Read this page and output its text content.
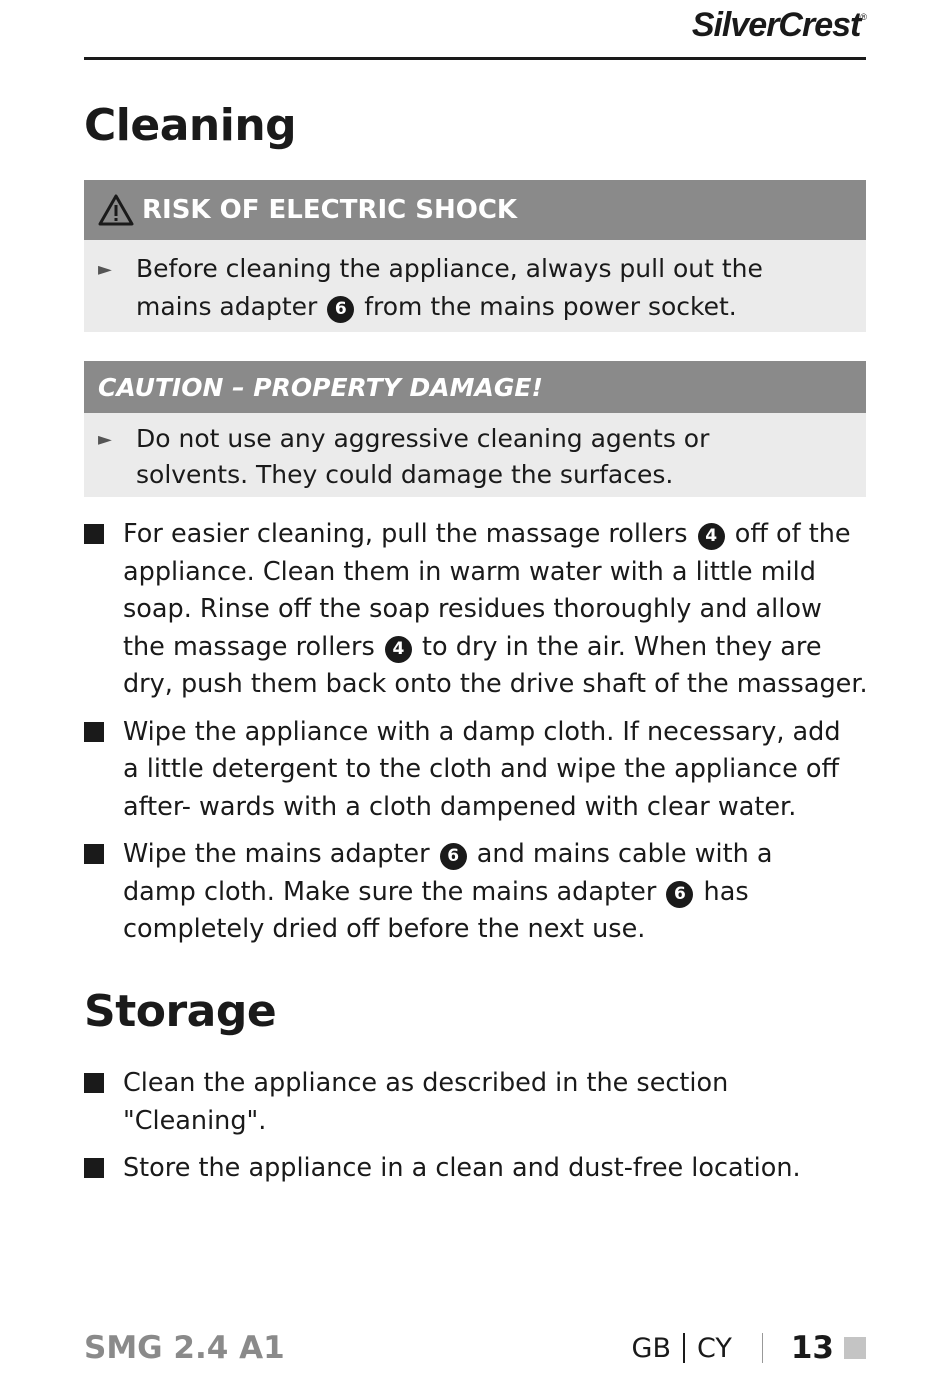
SilverCrest®
Cleaning
RISK OF ELECTRIC SHOCK
► Before cleaning the appliance, always pull out the mains adapter 6 from the mains power socket.
CAUTION – PROPERTY DAMAGE!
► Do not use any aggressive cleaning agents or solvents. They could damage the surfaces.
For easier cleaning, pull the massage rollers 4 off of the appliance. Clean them in warm water with a little mild soap. Rinse off the soap residues thoroughly and allow the massage rollers 4 to dry in the air. When they are dry, push them back onto the drive shaft of the massager.
Wipe the appliance with a damp cloth. If necessary, add a little detergent to the cloth and wipe the appliance off after- wards with a cloth dampened with clear water.
Wipe the mains adapter 6 and mains cable with a damp cloth. Make sure the mains adapter 6 has completely dried off before the next use.
Storage
Clean the appliance as described in the section "Cleaning".
Store the appliance in a clean and dust-free location.
SMG 2.4 A1	GB CY 13
